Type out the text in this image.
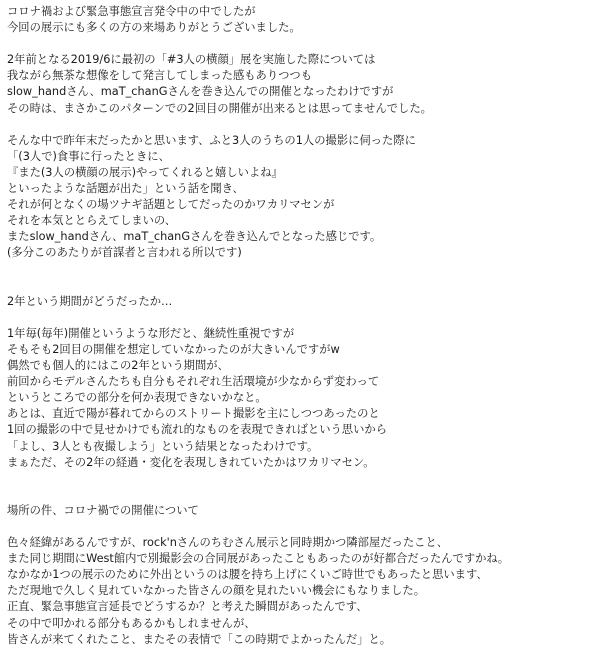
コロナ禍および緊急事態宣言発令中の中でしたが
今回の展示にも多くの方の来場ありがとうございました。
2年前となる2019/6に最初の「#3人の横顔」展を実施した際については
我ながら無茶な想像をして発言してしまった感もありつつも
slow_handさん、maT_chanGさんを巻き込んでの開催となったわけですが
その時は、まさかこのパターンでの2回目の開催が出来るとは思ってませんでした。
そんな中で昨年末だったかと思います、ふと3人のうちの1人の撮影に伺った際に
「(3人で)食事に行ったときに、
『また(3人の横顔の展示)やってくれると嬉しいよね』
といったような話題が出た」という話を聞き、
それが何となくの場ツナギ話題としてだったのかワカリマセンが
それを本気ととらえてしまいの、
またslow_handさん、maT_chanGさんを巻き込んでとなった感じです。
(多分このあたりが首謀者と言われる所以です)
2年という期間がどうだったか…
1年毎(毎年)開催というような形だと、継続性重視ですが
そもそも2回目の開催を想定していなかったのが大きいんですがw
偶然でも個人的にはこの2年という期間が、
前回からモデルさんたちも自分もそれぞれ生活環境が少なからず変わって
というところでの部分を何か表現できないかなと。
あとは、直近で陽が暮れてからのストリート撮影を主にしつつあったのと
1回の撮影の中で見せかけでも流れ的なものを表現できればという思いから
「よし、3人とも夜撮しよう」という結果となったわけです。
まぁただ、その2年の経過・変化を表現しきれていたかはワカリマセン。
場所の件、コロナ禍での開催について
色々経緯があるんですが、rock'nさんのちむさん展示と同時期かつ隣部屋だったこと、
また同じ期間にWest館内で別撮影会の合同展があったこともあったのが好都合だったんですかね。
なかなか1つの展示のために外出というのは腰を持ち上げにくいご時世でもあったと思います、
ただ現地で久しく見れていなかった皆さんの顔を見れたいい機会にもなりました。
正直、緊急事態宣言延長でどうするか？と考えた瞬間があったんです、
その中で叩かれる部分もあるかもしれませんが、
皆さんが来てくれたこと、またその表情で「この時期でよかったんだ」と。
